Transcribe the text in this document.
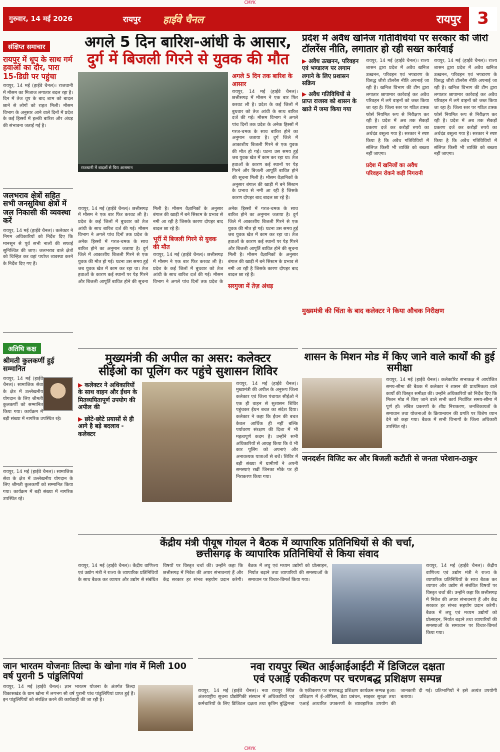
CMYK
गुरुवार, 14 मई 2026	रायपुर	हाईवे चैनल	रायपुर 3
संक्षिप्त समाचार
रायपुर में धूप के साथ गर्म हवाओं का दौर, पारा 15-डिग्री पर पहुंचा
रायपुर, 14 मई (हाईवे चैनल)। राजधानी में मौसम का मिजाज लगातार बदल रहा है। दिन में तेज धूप के बाद शाम को बादल छाने से लोगों को राहत मिली। मौसम विभाग के अनुसार आने वाले दिनों में प्रदेश के कई हिस्सों में हल्की बारिश और अंधड़ की संभावना जताई गई है।
जलभराव क्षेत्रों सहित सभी जनसुविधा क्षेत्रों में जल निकासी की व्यवस्था करें
रायपुर, 14 मई (हाईवे चैनल)। कलेक्टर ने निगम अधिकारियों को निर्देश दिए कि मानसून से पूर्व सभी नालों की सफाई सुनिश्चित की जाए। जलभराव वाले क्षेत्रों को चिन्हित कर वहां पर्याप्त व्यवस्था करने के निर्देश दिए गए हैं।
अतिथि कक्ष
श्रीमती कुलकर्णी हुई सम्मानित
रायपुर, 14 मई (हाईवे चैनल)। सामाजिक सेवा के क्षेत्र में उल्लेखनीय योगदान के लिए श्रीमती कुलकर्णी को सम्मानित किया गया। कार्यक्रम में बड़ी संख्या में नागरिक उपस्थित रहे।
अगले 5 दिन बारिश-आंधी के आसार,
दुर्ग में बिजली गिरने से युवक की मौत
राजधानी में बादलों से घिरा आसमान
अगले 5 दिन तक बारिश के आसार
रायपुर, 14 मई (हाईवे चैनल)। छत्तीसगढ़ में मौसम ने एक बार फिर करवट ली है। प्रदेश के कई जिलों में बुधवार को तेज आंधी के साथ बारिश दर्ज की गई। मौसम विभाग ने अगले पांच दिनों तक प्रदेश के अनेक हिस्सों में गरज-चमक के साथ बारिश होने का अनुमान जताया है। दुर्ग जिले में आकाशीय बिजली गिरने से एक युवक की मौत हो गई। घटना उस समय हुई जब युवक खेत में काम कर रहा था। तेज हवाओं के कारण कई स्थानों पर पेड़ गिरने और बिजली आपूर्ति बाधित होने की सूचना मिली है। मौसम वैज्ञानिकों के अनुसार बंगाल की खाड़ी में बने सिस्टम के प्रभाव से नमी आ रही है जिसके कारण दोपहर बाद बादल छा रहे हैं।
रायपुर, 14 मई (हाईवे चैनल)। छत्तीसगढ़ में मौसम ने एक बार फिर करवट ली है। प्रदेश के कई जिलों में बुधवार को तेज आंधी के साथ बारिश दर्ज की गई। मौसम विभाग ने अगले पांच दिनों तक प्रदेश के अनेक हिस्सों में गरज-चमक के साथ बारिश होने का अनुमान जताया है। दुर्ग जिले में आकाशीय बिजली गिरने से एक युवक की मौत हो गई। घटना उस समय हुई जब युवक खेत में काम कर रहा था। तेज हवाओं के कारण कई स्थानों पर पेड़ गिरने और बिजली आपूर्ति बाधित होने की सूचना मिली है। मौसम वैज्ञानिकों के अनुसार बंगाल की खाड़ी में बने सिस्टम के प्रभाव से नमी आ रही है जिसके कारण दोपहर बाद बादल छा रहे हैं।
भूर्री में बिजली गिरने से युवक की मौत
रायपुर, 14 मई (हाईवे चैनल)। छत्तीसगढ़ में मौसम ने एक बार फिर करवट ली है। प्रदेश के कई जिलों में बुधवार को तेज आंधी के साथ बारिश दर्ज की गई। मौसम विभाग ने अगले पांच दिनों तक प्रदेश के अनेक हिस्सों में गरज-चमक के साथ बारिश होने का अनुमान जताया है। दुर्ग जिले में आकाशीय बिजली गिरने से एक युवक की मौत हो गई। घटना उस समय हुई जब युवक खेत में काम कर रहा था। तेज हवाओं के कारण कई स्थानों पर पेड़ गिरने और बिजली आपूर्ति बाधित होने की सूचना मिली है। मौसम वैज्ञानिकों के अनुसार बंगाल की खाड़ी में बने सिस्टम के प्रभाव से नमी आ रही है जिसके कारण दोपहर बाद बादल छा रहे हैं।
सरगुजा में तेज़ अंधड़
मुख्यमंत्री की अपील का असर: कलेक्टर
सीईओ का पूलिंग कर पहुंचे सुशासन शिविर
▶ कलेक्टर ने अधिकारियों के साथ वाहन और ईंधन के मितव्ययितापूर्ण उपयोग की अपील की
▶ छोटे-छोटे प्रयासों से ही आगे है बड़े बदलाव - कलेक्टर
रायपुर, 14 मई (हाईवे चैनल)। मुख्यमंत्री की अपील के अनुरूप जिला कलेक्टर एवं जिला पंचायत सीईओ ने एक ही वाहन से सुशासन शिविर पहुंचकर ईंधन बचत का संदेश दिया। कलेक्टर ने कहा कि ईंधन की बचत केवल आर्थिक ही नहीं बल्कि पर्यावरण संरक्षण की दिशा में भी महत्वपूर्ण कदम है। उन्होंने सभी अधिकारियों से आग्रह किया कि वे भी कार पूलिंग को अपनाएं और अनावश्यक यात्राओं से बचें। शिविर में बड़ी संख्या में ग्रामीणों ने अपनी समस्याएं रखीं जिनका मौके पर ही निराकरण किया गया।
प्रदेश में अवैध खनिज गतिविधियों पर सरकार की जीरो टॉलरेंस नीति, लगातार हो रही सख्त कार्रवाई
▶ अवैध उत्खनन, परिवहन एवं भण्डारण पर लगाम लगाने के लिए प्रशासन सक्रिय
▶ अवैध गतिविधियों से प्राप्त राजस्व को शासन के खाते में जमा किया गया
रायपुर, 14 मई (हाईवे चैनल)। राज्य शासन द्वारा प्रदेश में अवैध खनिज उत्खनन, परिवहन एवं भण्डारण के विरुद्ध जीरो टॉलरेंस नीति अपनाई जा रही है। खनिज विभाग की टीम द्वारा लगातार छापामार कार्रवाई कर अवैध परिवहन में लगे वाहनों को जब्त किया जा रहा है। जिला स्तर पर गठित टास्क फोर्स नियमित रूप से निरीक्षण कर रही है। प्रदेश में अब तक सैकड़ों प्रकरण दर्ज कर करोड़ों रुपये का अर्थदंड वसूला गया है। सरकार ने स्पष्ट किया है कि अवैध गतिविधियों में संलिप्त किसी भी व्यक्ति को बख्शा नहीं जाएगा।
प्रदेश में खनिजों का अवैध परिवहन रोकने कड़ी निगरानी
रायपुर, 14 मई (हाईवे चैनल)। राज्य शासन द्वारा प्रदेश में अवैध खनिज उत्खनन, परिवहन एवं भण्डारण के विरुद्ध जीरो टॉलरेंस नीति अपनाई जा रही है। खनिज विभाग की टीम द्वारा लगातार छापामार कार्रवाई कर अवैध परिवहन में लगे वाहनों को जब्त किया जा रहा है। जिला स्तर पर गठित टास्क फोर्स नियमित रूप से निरीक्षण कर रही है। प्रदेश में अब तक सैकड़ों प्रकरण दर्ज कर करोड़ों रुपये का अर्थदंड वसूला गया है। सरकार ने स्पष्ट किया है कि अवैध गतिविधियों में संलिप्त किसी भी व्यक्ति को बख्शा नहीं जाएगा।
मुख्यमंत्री की चिंता के बाद कलेक्टर ने किया औचक निरीक्षण
शासन के मिशन मोड में किए जाने वाले कार्यों की हुई समीक्षा
रायपुर, 14 मई (हाईवे चैनल)। कलेक्टोरेट सभाकक्ष में आयोजित समय-सीमा की बैठक में कलेक्टर ने शासन की प्राथमिकता वाले कार्यों की विस्तृत समीक्षा की। उन्होंने अधिकारियों को निर्देश दिए कि मिशन मोड में किए जाने वाले सभी कार्य निर्धारित समय-सीमा में पूर्ण हों। लंबित प्रकरणों के शीघ्र निराकरण, जनशिकायतों के समाधान तथा योजनाओं के क्रियान्वयन की प्रगति पर विशेष ध्यान देने को कहा गया। बैठक में सभी विभागों के जिला अधिकारी उपस्थित रहे।
जनदर्शन विजिट कर और बिजली कटौती से जनता परेशान-ठाकुर
केंद्रीय मंत्री पीयूष गोयल ने बैठक में व्यापारिक प्रतिनिधियों से की चर्चा,
छत्तीसगढ़ के व्यापारिक प्रतिनिधियों से किया संवाद
रायपुर, 14 मई (हाईवे चैनल)। केंद्रीय वाणिज्य एवं उद्योग मंत्री ने राज्य के व्यापारिक प्रतिनिधियों के साथ बैठक कर व्यापार और उद्योग से संबंधित विषयों पर विस्तृत चर्चा की। उन्होंने कहा कि छत्तीसगढ़ में निवेश की अपार संभावनाएं हैं और केंद्र सरकार हर संभव सहयोग प्रदान करेगी। बैठक में लघु एवं मध्यम उद्योगों को प्रोत्साहन, निर्यात बढ़ाने तथा व्यापारियों की समस्याओं के समाधान पर विचार-विमर्श किया गया।
रायपुर, 14 मई (हाईवे चैनल)। केंद्रीय वाणिज्य एवं उद्योग मंत्री ने राज्य के व्यापारिक प्रतिनिधियों के साथ बैठक कर व्यापार और उद्योग से संबंधित विषयों पर विस्तृत चर्चा की। उन्होंने कहा कि छत्तीसगढ़ में निवेश की अपार संभावनाएं हैं और केंद्र सरकार हर संभव सहयोग प्रदान करेगी। बैठक में लघु एवं मध्यम उद्योगों को प्रोत्साहन, निर्यात बढ़ाने तथा व्यापारियों की समस्याओं के समाधान पर विचार-विमर्श किया गया।
जान भारतम योजनाः तिल्दा के खोना गांव में मिली 100 वर्ष पुरानी 5 पांडुलिपियां
रायपुर, 14 मई (हाईवे चैनल)। ज्ञान भारतम योजना के अंतर्गत तिल्दा विकासखंड के ग्राम खोना में लगभग सौ वर्ष पुरानी पांच पांडुलिपियां प्राप्त हुई हैं। इन पांडुलिपियों को संरक्षित करने की कार्यवाही की जा रही है।
नवा रायपुर स्थित आईआईआईटी में डिजिटल दक्षता
एवं एआई एकीकरण पर चरणबद्ध प्रशिक्षण सम्पन्न
रायपुर, 14 मई (हाईवे चैनल)। नवा रायपुर स्थित अंतरराष्ट्रीय सूचना प्रौद्योगिकी संस्थान में अधिकारियों एवं कर्मचारियों के लिए डिजिटल दक्षता तथा कृत्रिम बुद्धिमत्ता के एकीकरण पर चरणबद्ध प्रशिक्षण कार्यक्रम सम्पन्न हुआ। प्रशिक्षण में ई-ऑफिस, डेटा प्रबंधन, साइबर सुरक्षा तथा एआई आधारित उपकरणों के व्यावहारिक उपयोग की जानकारी दी गई। प्रतिभागियों ने इसे अत्यंत उपयोगी बताया।
रायपुर, 14 मई (हाईवे चैनल)। सामाजिक सेवा के क्षेत्र में उल्लेखनीय योगदान के लिए श्रीमती कुलकर्णी को सम्मानित किया गया। कार्यक्रम में बड़ी संख्या में नागरिक उपस्थित रहे।
CMYK
